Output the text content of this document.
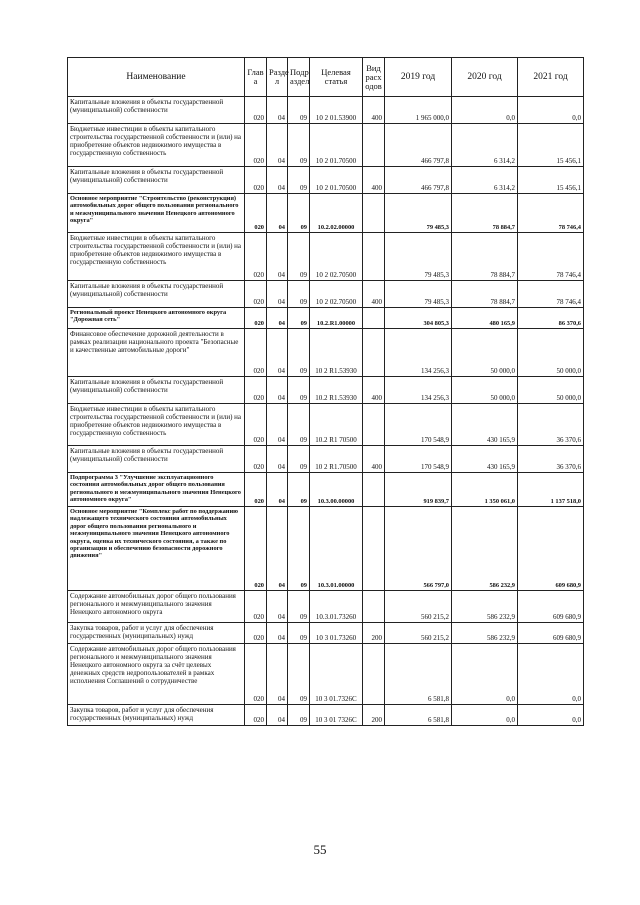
Наименование	Глав а	Разде л	Подр аздел	Целевая статья	Вид расх одов	2019 год	2020 год	2021 год
Капитальные вложения в объекты государственной (муниципальной) собственности	020	04	09	10 2 01.53900	400	1 965 000,0	0,0	0,0
Бюджетные инвестиции в объекты капитального строительства государственной собственности и (или) на приобретение объектов недвижимого имущества в государственную собственность	020	04	09	10 2 01.70500		466 797,8	6 314,2	15 456,1
Капитальные вложения в объекты государственной (муниципальной) собственности	020	04	09	10 2 01.70500	400	466 797,8	6 314,2	15 456,1
Основное мероприятие "Строительство (реконструкция) автомобильных дорог общего пользования регионального и межмуниципального значения Ненецкого автономного округа"	020	04	09	10.2.02.00000		79 485,3	78 884,7	78 746,4
Бюджетные инвестиции в объекты капитального строительства государственной собственности и (или) на приобретение объектов недвижимого имущества в государственную собственность	020	04	09	10 2 02.70500		79 485,3	78 884,7	78 746,4
Капитальные вложения в объекты государственной (муниципальной) собственности	020	04	09	10 2 02.70500	400	79 485,3	78 884,7	78 746,4
Региональный проект Ненецкого автономного округа "Дорожная сеть"	020	04	09	10.2.R1.00000		304 805,3	480 165,9	86 370,6
Финансовое обеспечение дорожной деятельности в рамках реализации национального проекта "Безопасные и качественные автомобильные дороги"	020	04	09	10 2 R1.53930		134 256,3	50 000,0	50 000,0
Капитальные вложения в объекты государственной (муниципальной) собственности	020	04	09	10.2 R1.53930	400	134 256,3	50 000,0	50 000,0
Бюджетные инвестиции в объекты капитального строительства государственной собственности и (или) на приобретение объектов недвижимого имущества в государственную собственность	020	04	09	10.2 R1 70500		170 548,9	430 165,9	36 370,6
Капитальные вложения в объекты государственной (муниципальной) собственности	020	04	09	10 2 R1.70500	400	170 548,9	430 165,9	36 370,6
Подпрограмма 3 "Улучшение эксплуатационного состояния автомобильных дорог общего пользования регионального и межмуниципального значения Ненецкого автономного округа"	020	04	09	10.3.00.00000		919 839,7	1 350 061,0	1 137 518,0
Основное мероприятие "Комплекс работ по поддержанию надлежащего технического состояния автомобильных дорог общего пользования регионального и межмуниципального значения Ненецкого автономного округа, оценка их технического состояния, а также по организации и обеспечению безопасности дорожного движения"	020	04	09	10.3.01.00000		566 797,0	586 232,9	609 680,9
Содержание автомобильных дорог общего пользования регионального и межмуниципального значения Ненецкого автономного округа	020	04	09	10.3.01.73260		560 215,2	586 232,9	609 680,9
Закупка товаров, работ и услуг для обеспечения государственных (муниципальных) нужд	020	04	09	10 3 01.73260	200	560 215,2	586 232,9	609 680,9
Содержание автомобильных дорог общего пользования регионального и межмуниципального значения Ненецкого автономного округа за счёт целевых денежных средств недропользователей в рамках исполнения Соглашений о сотрудничестве	020	04	09	10 3 01.7326С		6 581,8	0,0	0,0
Закупка товаров, работ и услуг для обеспечения государственных (муниципальных) нужд	020	04	09	10 3 01 7326С	200	6 581,8	0,0	0,0
55
